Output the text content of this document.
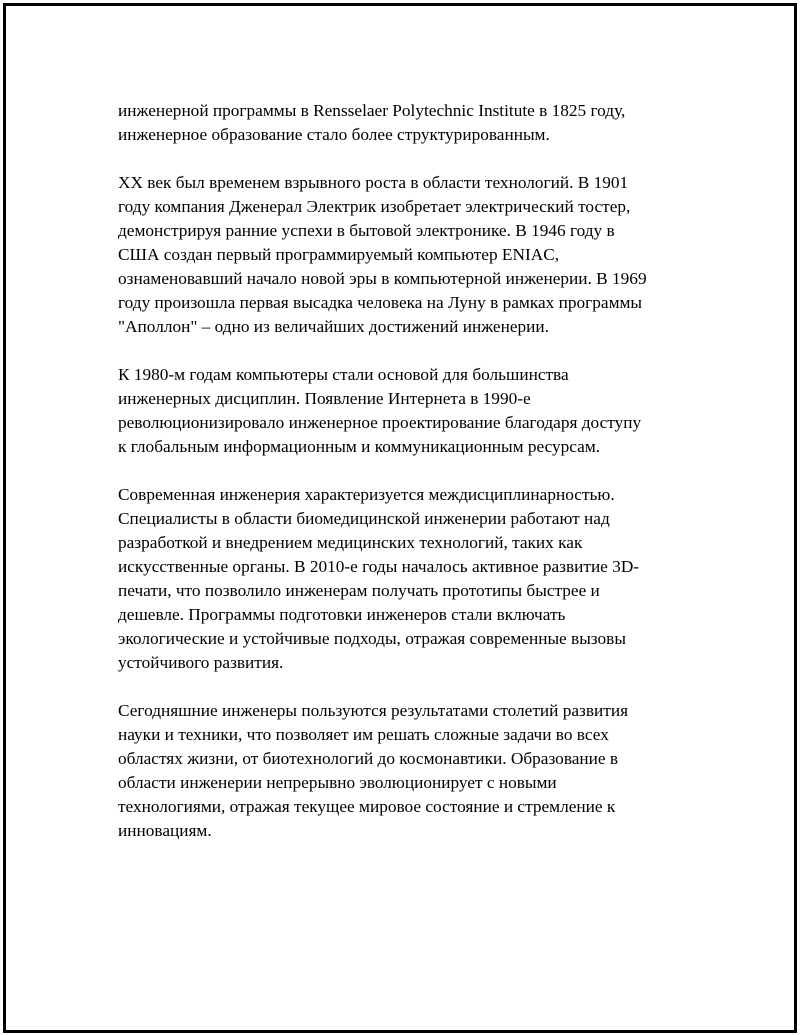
инженерной программы в Rensselaer Polytechnic Institute в 1825 году,
инженерное образование стало более структурированным.

XX век был временем взрывного роста в области технологий. В 1901
году компания Дженерал Электрик изобретает электрический тостер,
демонстрируя ранние успехи в бытовой электронике. В 1946 году в
США создан первый программируемый компьютер ENIAC,
ознаменовавший начало новой эры в компьютерной инженерии. В 1969
году произошла первая высадка человека на Луну в рамках программы
"Аполлон" – одно из величайших достижений инженерии.

К 1980-м годам компьютеры стали основой для большинства
инженерных дисциплин. Появление Интернета в 1990-е
революционизировало инженерное проектирование благодаря доступу
к глобальным информационным и коммуникационным ресурсам.

Современная инженерия характеризуется междисциплинарностью.
Специалисты в области биомедицинской инженерии работают над
разработкой и внедрением медицинских технологий, таких как
искусственные органы. В 2010-е годы началось активное развитие 3D-
печати, что позволило инженерам получать прототипы быстрее и
дешевле. Программы подготовки инженеров стали включать
экологические и устойчивые подходы, отражая современные вызовы
устойчивого развития.

Сегодняшние инженеры пользуются результатами столетий развития
науки и техники, что позволяет им решать сложные задачи во всех
областях жизни, от биотехнологий до космонавтики. Образование в
области инженерии непрерывно эволюционирует с новыми
технологиями, отражая текущее мировое состояние и стремление к
инновациям.
